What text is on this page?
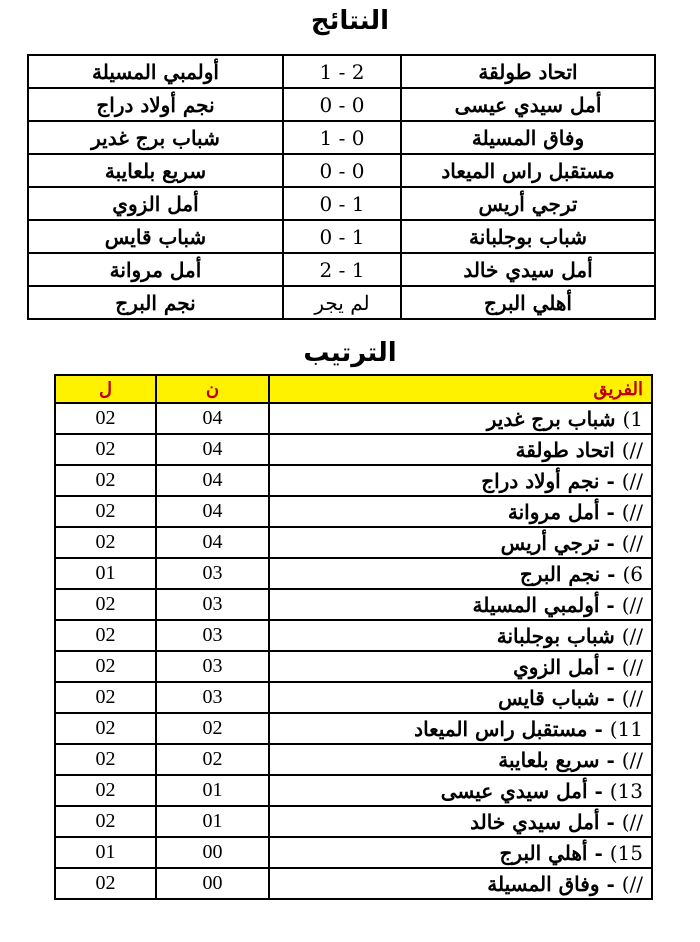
النتائج
اتحاد طولقة	1 - 2	أولمبي المسيلة
أمل سيدي عيسى	0 - 0	نجم أولاد دراج
وفاق المسيلة	1 - 0	شباب برج غدير
مستقبل راس الميعاد	0 - 0	سريع بلعايبة
ترجي أريس	0 - 1	أمل الزوي
شباب بوجلبانة	0 - 1	شباب قايس
أمل سيدي خالد	2 - 1	أمل مروانة
أهلي البرج	لم يجر	نجم البرج
الترتيب
الفريق	ن	ل
1) شباب برج غدير	04	02
//) اتحاد طولقة	04	02
//) - نجم أولاد دراج	04	02
//) - أمل مروانة	04	02
//) - ترجي أريس	04	02
6) - نجم البرج	03	01
//) - أولمبي المسيلة	03	02
//) شباب بوجلبانة	03	02
//) - أمل الزوي	03	02
//) - شباب قايس	03	02
11) - مستقبل راس الميعاد	02	02
//) - سريع بلعايبة	02	02
13) - أمل سيدي عيسى	01	02
//) - أمل سيدي خالد	01	02
15) - أهلي البرج	00	01
//) - وفاق المسيلة	00	02
